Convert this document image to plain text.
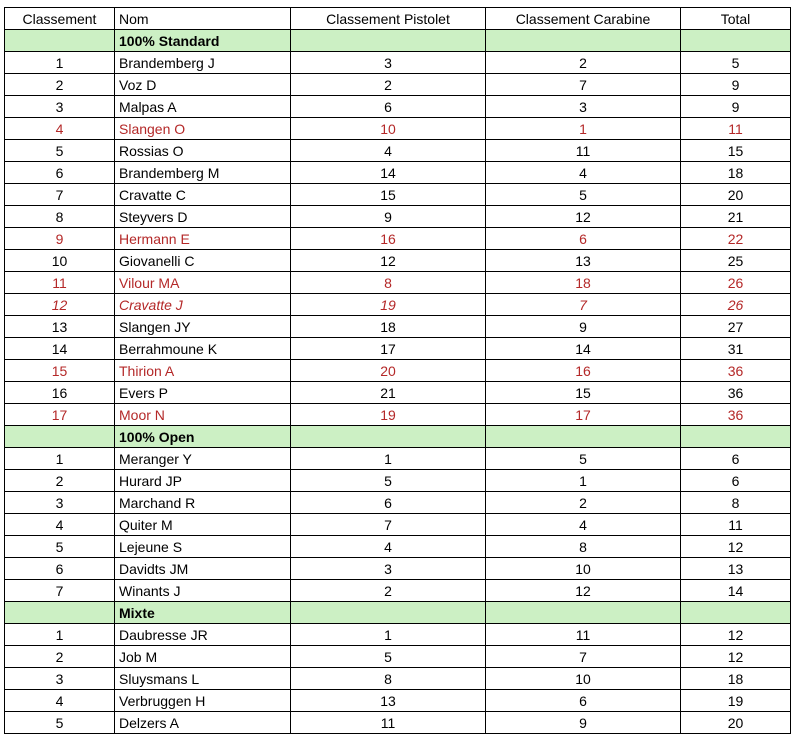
Classement	Nom	Classement Pistolet	Classement Carabine	Total
	100% Standard			
1	Brandemberg J	3	2	5
2	Voz D	2	7	9
3	Malpas A	6	3	9
4	Slangen O	10	1	11
5	Rossias O	4	11	15
6	Brandemberg M	14	4	18
7	Cravatte C	15	5	20
8	Steyvers D	9	12	21
9	Hermann E	16	6	22
10	Giovanelli C	12	13	25
11	Vilour MA	8	18	26
12	Cravatte J	19	7	26
13	Slangen JY	18	9	27
14	Berrahmoune K	17	14	31
15	Thirion A	20	16	36
16	Evers P	21	15	36
17	Moor N	19	17	36
	100% Open			
1	Meranger Y	1	5	6
2	Hurard JP	5	1	6
3	Marchand R	6	2	8
4	Quiter M	7	4	11
5	Lejeune S	4	8	12
6	Davidts JM	3	10	13
7	Winants J	2	12	14
	Mixte			
1	Daubresse JR	1	11	12
2	Job M	5	7	12
3	Sluysmans L	8	10	18
4	Verbruggen H	13	6	19
5	Delzers A	11	9	20
